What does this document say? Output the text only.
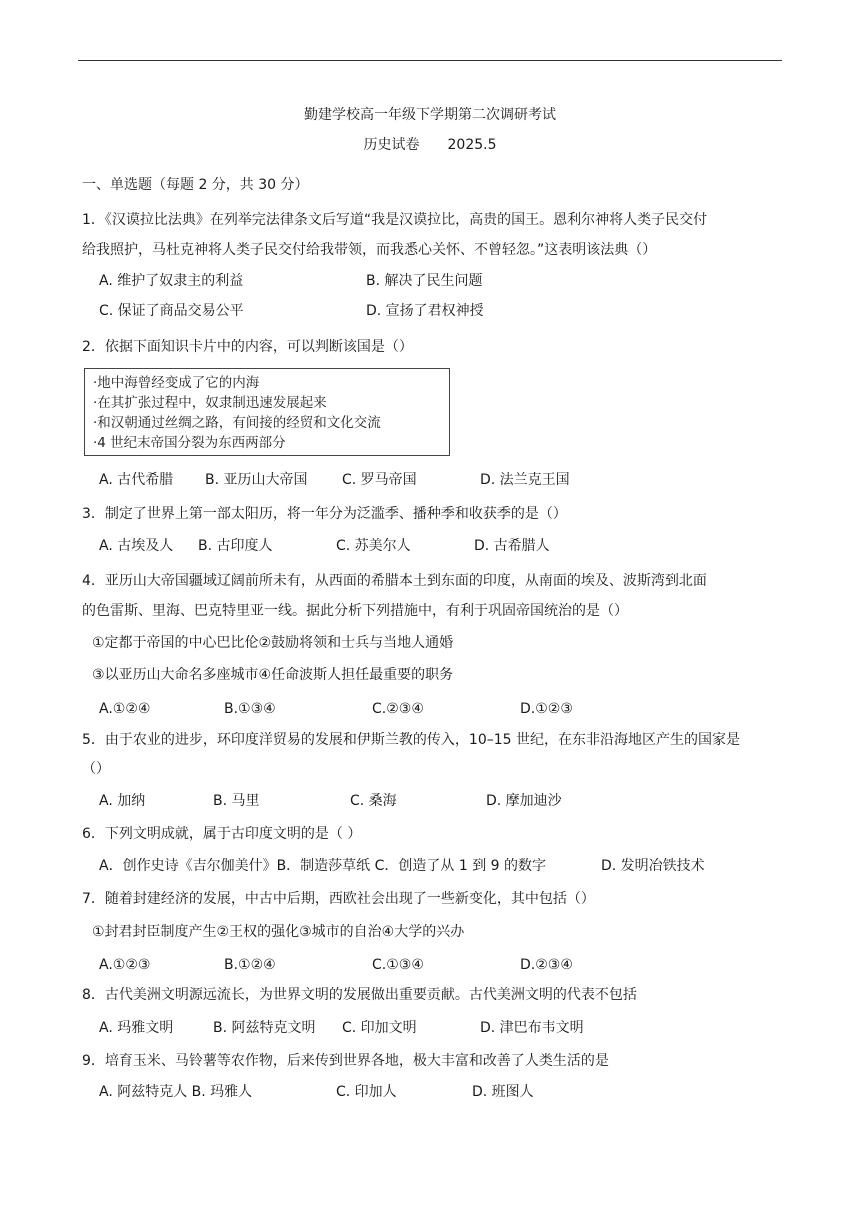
勤建学校高一年级下学期第二次调研考试
历史试卷 2025.5
一、单选题（每题 2 分，共 30 分）
1．《汉谟拉比法典》在列举完法律条文后写道“我是汉谟拉比，高贵的国王。恩利尔神将人类子民交付
给我照护，马杜克神将人类子民交付给我带领，而我悉心关怀、不曾轻忽。”这表明该法典（）
A. 维护了奴隶主的利益	B. 解决了民生问题
C. 保证了商品交易公平	D. 宣扬了君权神授
2．依据下面知识卡片中的内容，可以判断该国是（）
·地中海曾经变成了它的内海
·在其扩张过程中，奴隶制迅速发展起来
·和汉朝通过丝绸之路，有间接的经贸和文化交流
·4 世纪末帝国分裂为东西两部分
A. 古代希腊 B. 亚历山大帝国 C. 罗马帝国	D. 法兰克王国
3．制定了世界上第一部太阳历，将一年分为泛滥季、播种季和收获季的是（）
A. 古埃及人 B. 古印度人	C. 苏美尔人	D. 古希腊人
4．亚历山大帝国疆域辽阔前所未有，从西面的希腊本土到东面的印度，从南面的埃及、波斯湾到北面
的色雷斯、里海、巴克特里亚一线。据此分析下列措施中，有利于巩固帝国统治的是（）
①定都于帝国的中心巴比伦②鼓励将领和士兵与当地人通婚
③以亚历山大命名多座城市④任命波斯人担任最重要的职务
A.①②④	B.①③④	C.②③④	D.①②③
5．由于农业的进步，环印度洋贸易的发展和伊斯兰教的传入，10–15 世纪，在东非沿海地区产生的国家是
（）
A. 加纳	B. 马里	C. 桑海	D. 摩加迪沙
6．下列文明成就，属于古印度文明的是（ ）
A．创作史诗《吉尔伽美什》B．制造莎草纸 C．创造了从 1 到 9 的数字	D. 发明冶铁技术
7．随着封建经济的发展，中古中后期，西欧社会出现了一些新变化，其中包括（）
①封君封臣制度产生②王权的强化③城市的自治④大学的兴办
A.①②③	B.①②④	C.①③④	D.②③④
8．古代美洲文明源远流长，为世界文明的发展做出重要贡献。古代美洲文明的代表不包括
A. 玛雅文明	B. 阿兹特克文明 C. 印加文明	D. 津巴布韦文明
9．培育玉米、马铃薯等农作物，后来传到世界各地，极大丰富和改善了人类生活的是
A. 阿兹特克人 B. 玛雅人	C. 印加人	D. 班图人
